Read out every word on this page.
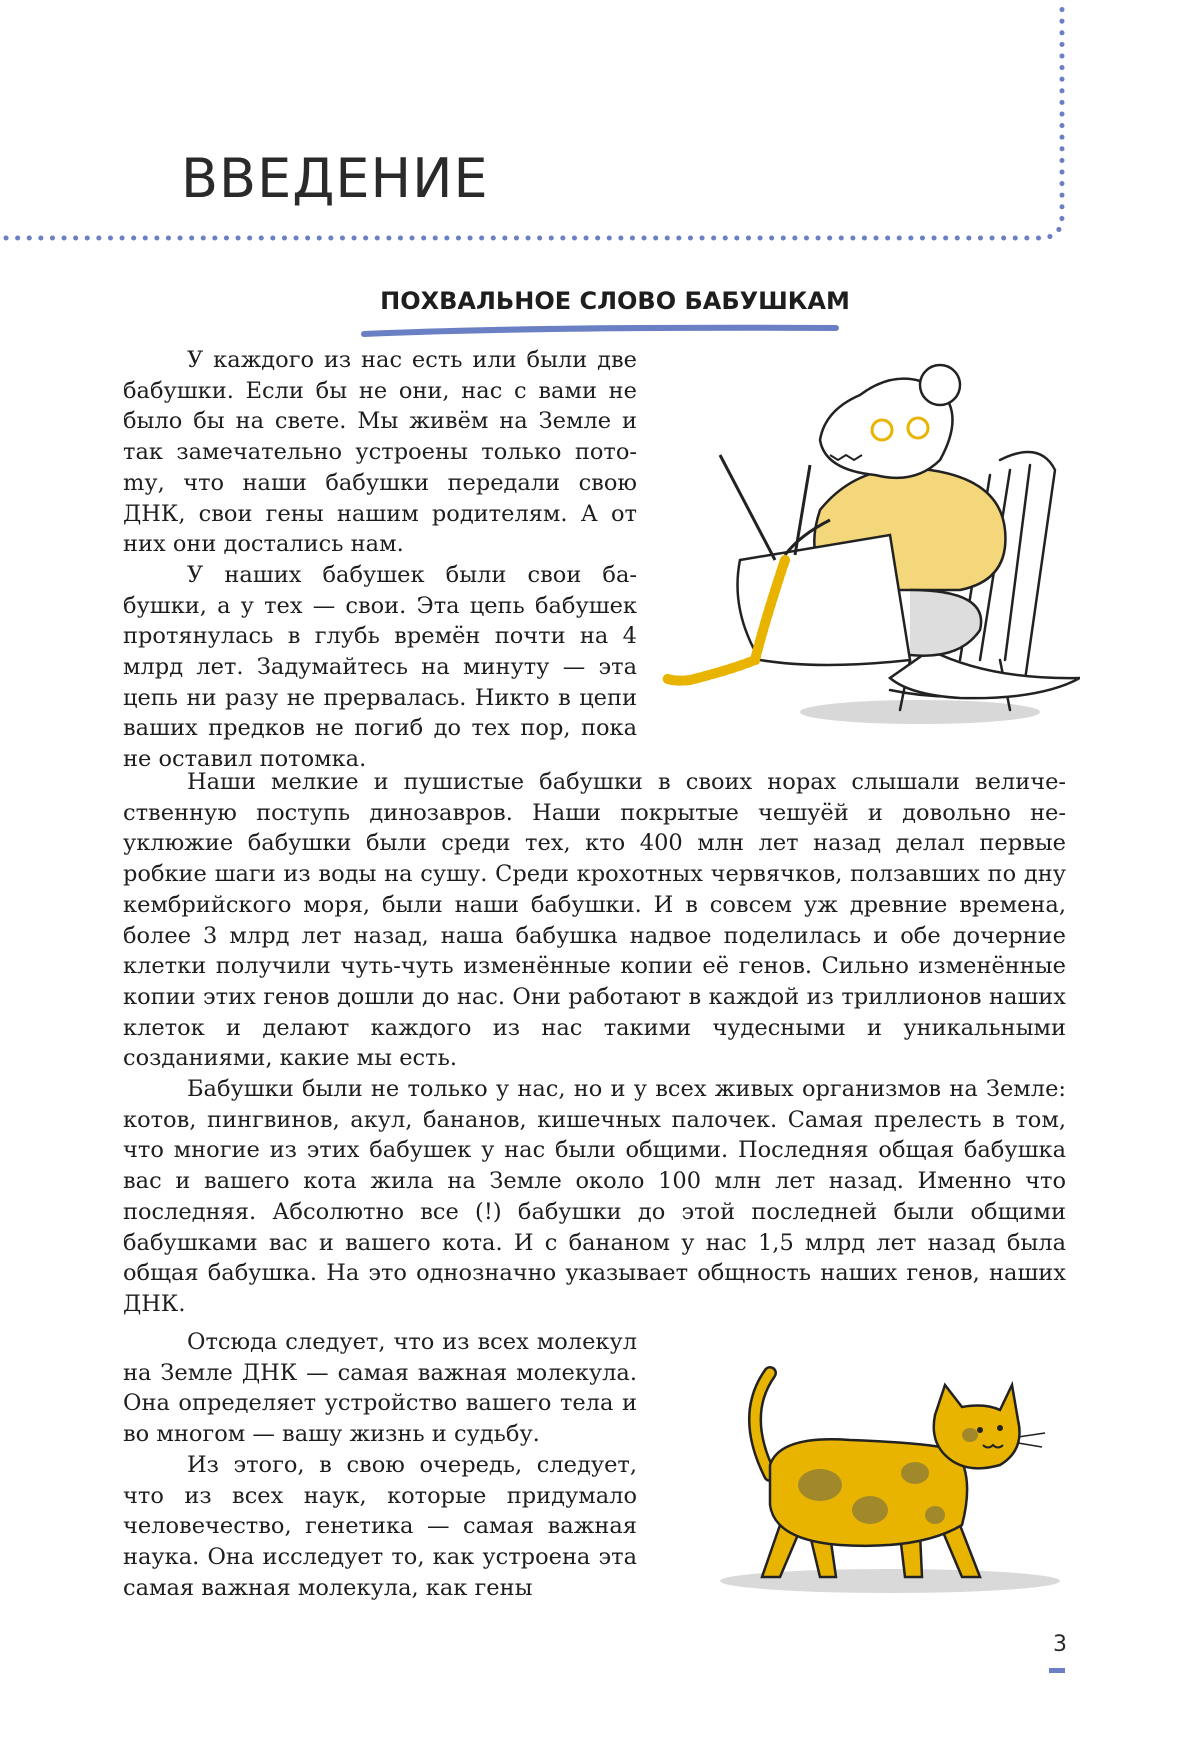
ВВЕДЕНИЕ
ПОХВАЛЬНОЕ СЛОВО БАБУШКАМ

У каждого из нас есть или были две бабушки. Если бы не они, нас с вами не было бы на свете. Мы живём на Земле и так замечательно устроены только потоmу, что наши бабушки передали свою ДНК, свои гены нашим родителям. А от них они достались нам.

У наших бабушек были свои бабушки, а у тех — свои. Эта цепь бабушек протянулась в глубь времён почти на 4 млрд лет. Задумайтесь на минуту — эта цепь ни разу не прервалась. Никто в цепи ваших предков не погиб до тех пор, пока не оставил потомка.

Наши мелкие и пушистые бабушки в своих норах слышали величественную поступь динозавров. Наши покрытые чешуёй и довольно неуклюжие бабушки были среди тех, кто 400 млн лет назад делал первые робкие шаги из воды на сушу. Среди крохотных червячков, ползавших по дну кембрийского моря, были наши бабушки. И в совсем уж древние времена, более 3 млрд лет назад, наша бабушка надвое поделилась и обе дочерние клетки получили чуть-чуть изменённые копии её генов. Сильно изменённые копии этих генов дошли до нас. Они работают в каждой из триллионов наших клеток и делают каждого из нас такими чудесными и уникальными созданиями, какие мы есть.

Бабушки были не только у нас, но и у всех живых организмов на Земле: котов, пингвинов, акул, бананов, кишечных палочек. Самая прелесть в том, что многие из этих бабушек у нас были общими. Последняя общая бабушка вас и вашего кота жила на Земле около 100 млн лет назад. Именно что последняя. Абсолютно все (!) бабушки до этой последней были общими бабушками вас и вашего кота. И с бананом у нас 1,5 млрд лет назад была общая бабушка. На это однозначно указывает общность наших генов, наших ДНК.

Отсюда следует, что из всех молекул на Земле ДНК — самая важная молекула. Она определяет устройство вашего тела и во многом — вашу жизнь и судьбу.

Из этого, в свою очередь, следует, что из всех наук, которые придумало человечество, генетика — самая важная наука. Она исследует то, как устроена эта самая важная молекула, как гены

3
